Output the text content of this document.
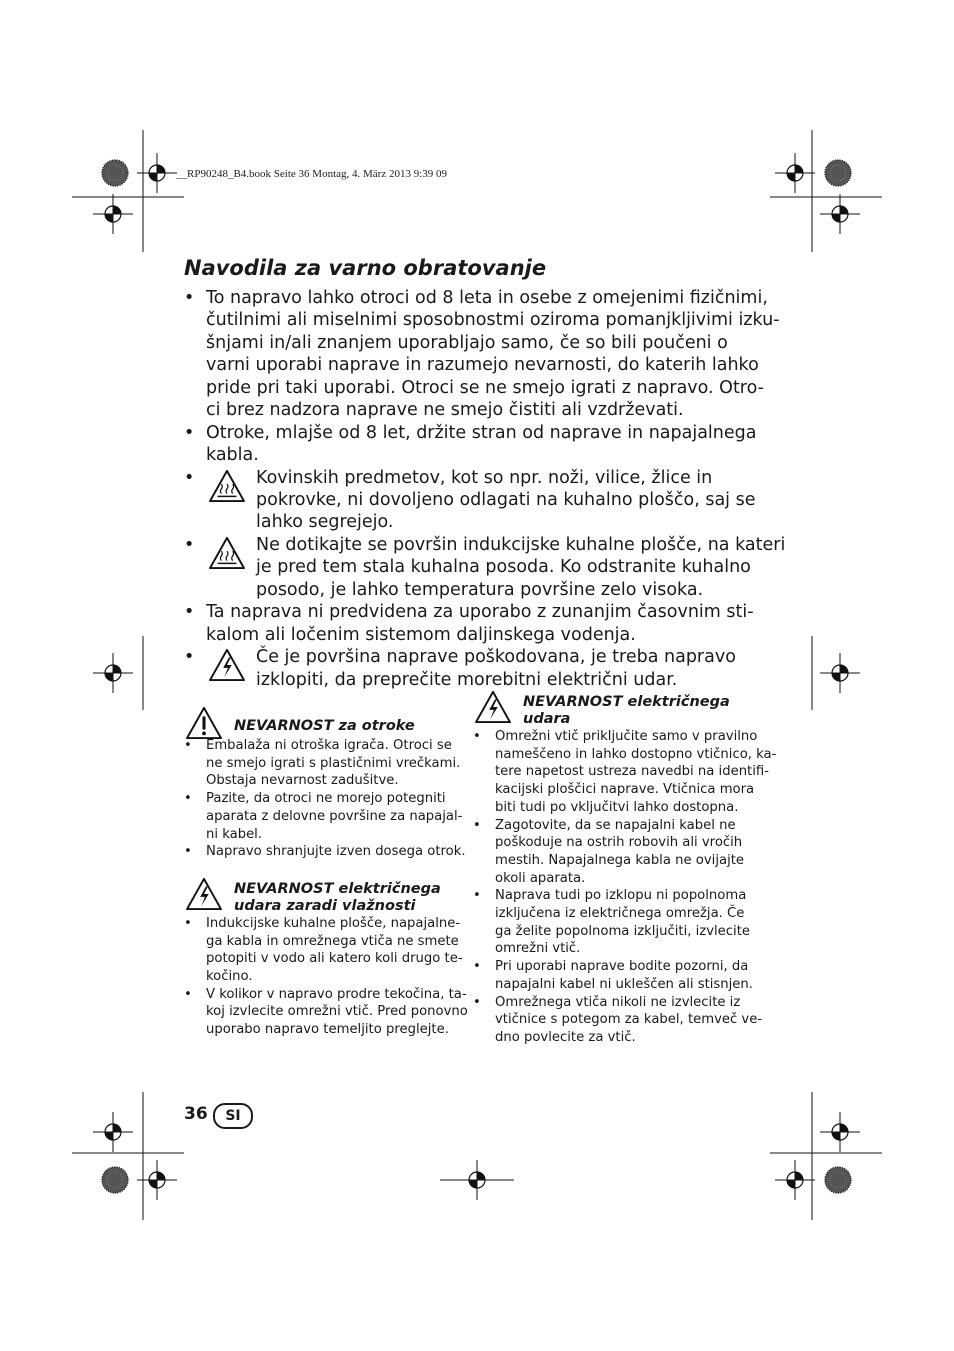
__RP90248_B4.book Seite 36 Montag, 4. März 2013 9:39 09
Navodila za varno obratovanje
• To napravo lahko otroci od 8 leta in osebe z omejenimi fizičnimi,
čutilnimi ali miselnimi sposobnostmi oziroma pomanjkljivimi izku-
šnjami in/ali znanjem uporabljajo samo, če so bili poučeni o
varni uporabi naprave in razumejo nevarnosti, do katerih lahko
pride pri taki uporabi. Otroci se ne smejo igrati z napravo. Otro-
ci brez nadzora naprave ne smejo čistiti ali vzdrževati.
• Otroke, mlajše od 8 let, držite stran od naprave in napajalnega
kabla.
•	Kovinskih predmetov, kot so npr. noži, vilice, žlice in
pokrovke, ni dovoljeno odlagati na kuhalno ploščo, saj se
lahko segrejejo.
•	Ne dotikajte se površin indukcijske kuhalne plošče, na kateri
je pred tem stala kuhalna posoda. Ko odstranite kuhalno
posodo, je lahko temperatura površine zelo visoka.
• Ta naprava ni predvidena za uporabo z zunanjim časovnim sti-
kalom ali ločenim sistemom daljinskega vodenja.
•	Če je površina naprave poškodovana, je treba napravo
izklopiti, da preprečite morebitni električni udar.
NEVARNOST za otroke
• Embalaža ni otroška igrača. Otroci se
ne smejo igrati s plastičnimi vrečkami.
Obstaja nevarnost zadušitve.
• Pazite, da otroci ne morejo potegniti
aparata z delovne površine za napajal-
ni kabel.
• Napravo shranjujte izven dosega otrok.
NEVARNOST električnega
udara zaradi vlažnosti
• Indukcijske kuhalne plošče, napajalne-
ga kabla in omrežnega vtiča ne smete
potopiti v vodo ali katero koli drugo te-
kočino.
• V kolikor v napravo prodre tekočina, ta-
koj izvlecite omrežni vtič. Pred ponovno
uporabo napravo temeljito preglejte.
NEVARNOST električnega
udara
• Omrežni vtič priključite samo v pravilno
nameščeno in lahko dostopno vtičnico, ka-
tere napetost ustreza navedbi na identifi-
kacijski ploščici naprave. Vtičnica mora
biti tudi po vključitvi lahko dostopna.
• Zagotovite, da se napajalni kabel ne
poškoduje na ostrih robovih ali vročih
mestih. Napajalnega kabla ne ovijajte
okoli aparata.
• Naprava tudi po izklopu ni popolnoma
izključena iz električnega omrežja. Če
ga želite popolnoma izključiti, izvlecite
omrežni vtič.
• Pri uporabi naprave bodite pozorni, da
napajalni kabel ni ukleščen ali stisnjen.
• Omrežnega vtiča nikoli ne izvlecite iz
vtičnice s potegom za kabel, temveč ve-
dno povlecite za vtič.
36	SI
